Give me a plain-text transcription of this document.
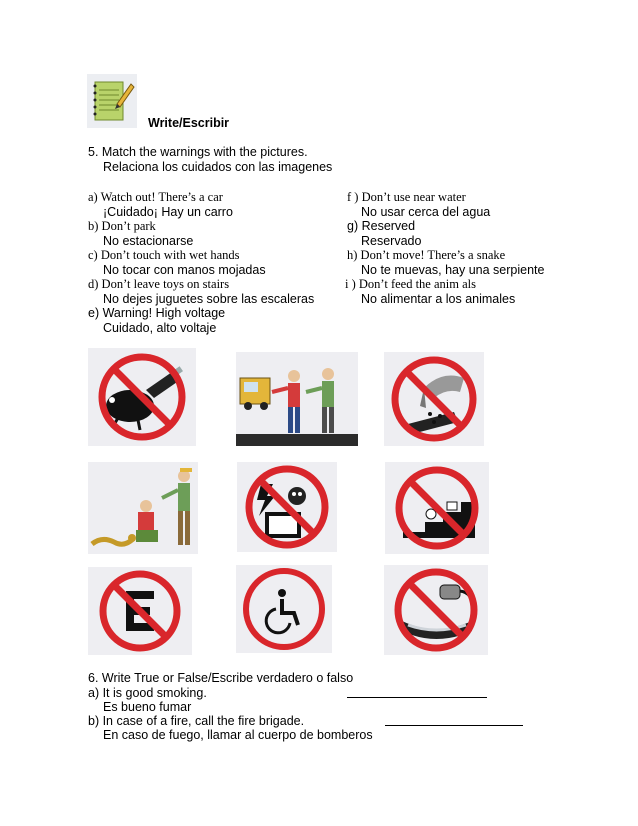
Write/Escribir
5. Match the warnings with the pictures.
Relaciona los cuidados con las imagenes
a) Watch out! There’s a car
¡Cuidado¡ Hay un carro
b) Don’t park
No estacionarse
c) Don’t touch with wet hands
No tocar con manos mojadas
d) Don’t leave toys on stairs
No dejes juguetes sobre las escaleras
e) Warning! High voltage
Cuidado, alto voltaje
f ) Don’t use near water
No usar cerca del agua
g) Reserved
Reservado
h) Don’t move! There’s a snake
No te muevas, hay una serpiente
i ) Don’t feed the anim als
No alimentar a los animales
6. Write True or False/Escribe verdadero o falso
a) It is good smoking.
Es bueno fumar
b) In case of a fire, call the fire brigade.
En caso de fuego, llamar al cuerpo de bomberos
